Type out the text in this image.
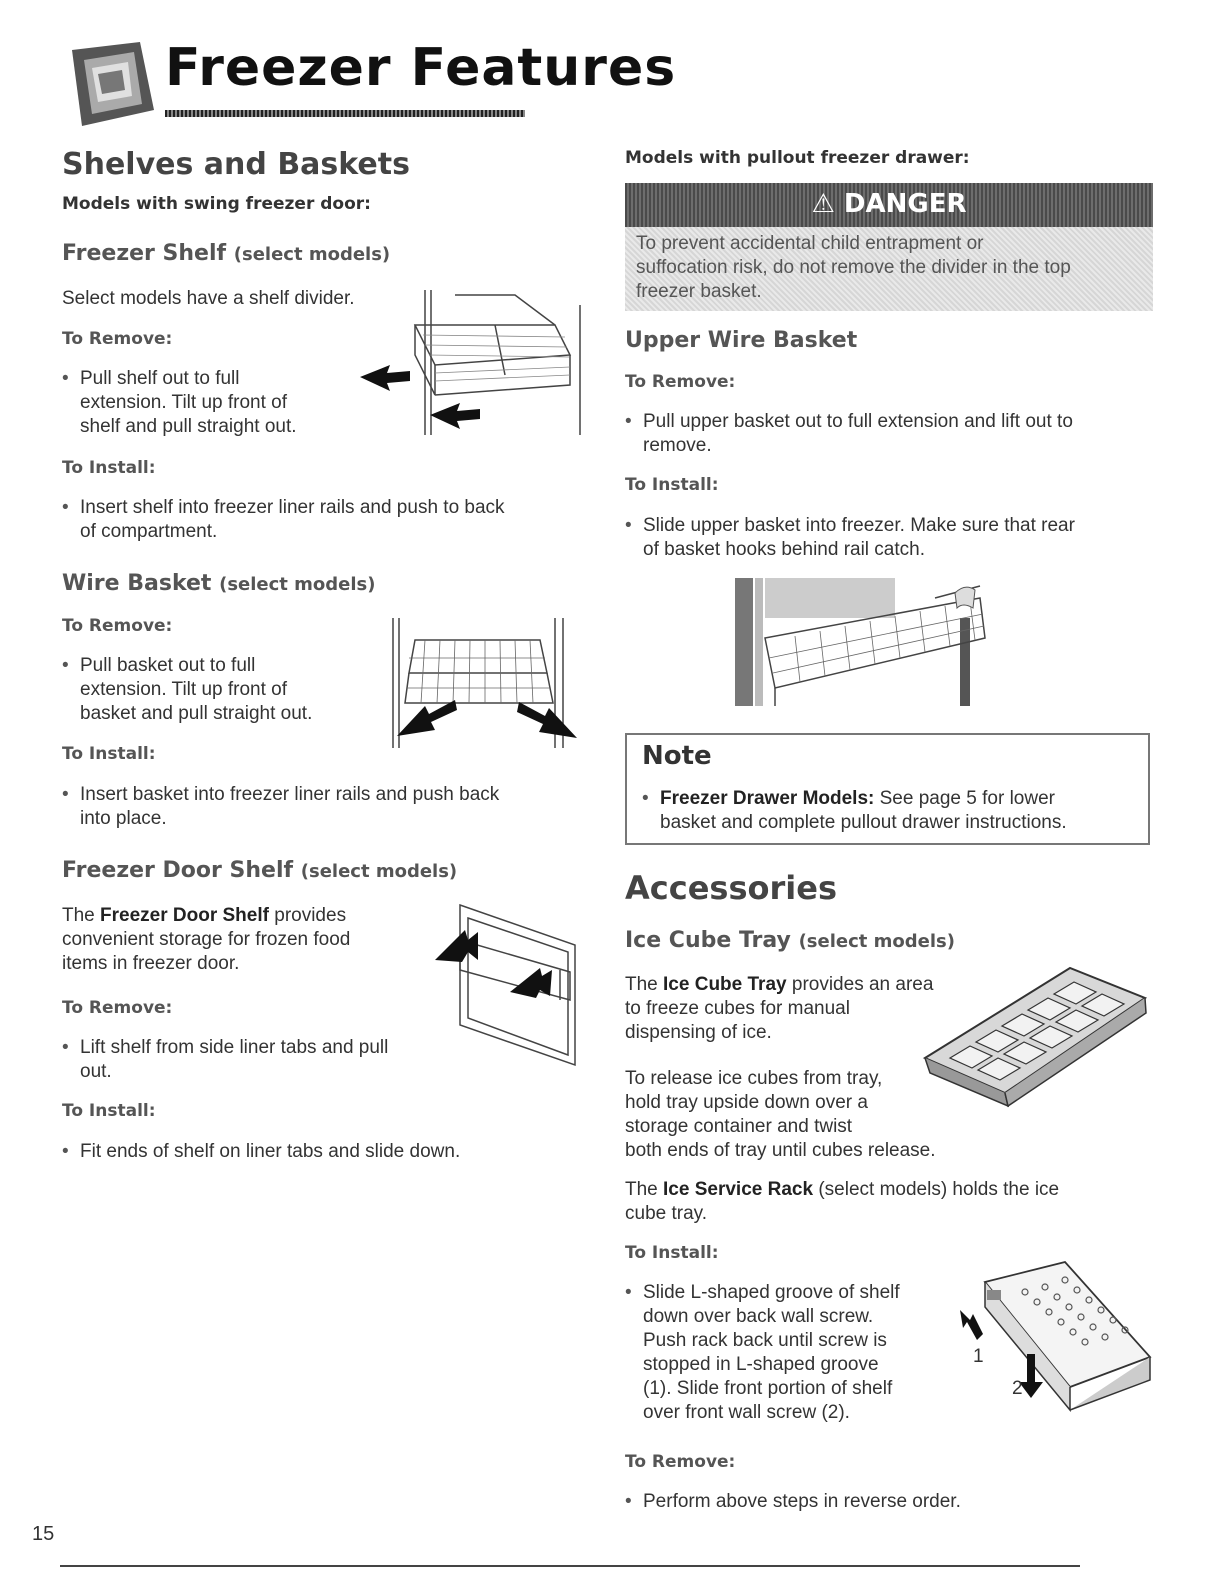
Freezer Features
Shelves and Baskets
Models with swing freezer door:
Freezer Shelf (select models)
Select models have a shelf divider.
To Remove:
• Pull shelf out to full
extension. Tilt up front of
shelf and pull straight out.
To Install:
• Insert shelf into freezer liner rails and push to back
of compartment.
Wire Basket (select models)
To Remove:
• Pull basket out to full
extension. Tilt up front of
basket and pull straight out.
To Install:
• Insert basket into freezer liner rails and push back
into place.
Freezer Door Shelf (select models)
The Freezer Door Shelf provides
convenient storage for frozen food
items in freezer door.
To Remove:
• Lift shelf from side liner tabs and pull
out.
To Install:
• Fit ends of shelf on liner tabs and slide down.
Models with pullout freezer drawer:
⚠ DANGER
To prevent accidental child entrapment or
suffocation risk, do not remove the divider in the top
freezer basket.
Upper Wire Basket
To Remove:
• Pull upper basket out to full extension and lift out to
remove.
To Install:
• Slide upper basket into freezer. Make sure that rear
of basket hooks behind rail catch.
Note
• Freezer Drawer Models: See page 5 for lower
basket and complete pullout drawer instructions.
Accessories
Ice Cube Tray (select models)
The Ice Cube Tray provides an area
to freeze cubes for manual
dispensing of ice.
To release ice cubes from tray,
hold tray upside down over a
storage container and twist
both ends of tray until cubes release.
The Ice Service Rack (select models) holds the ice
cube tray.
To Install:
• Slide L-shaped groove of shelf
down over back wall screw.
Push rack back until screw is
stopped in L-shaped groove
(1). Slide front portion of shelf
over front wall screw (2).
1
2
To Remove:
• Perform above steps in reverse order.
15
